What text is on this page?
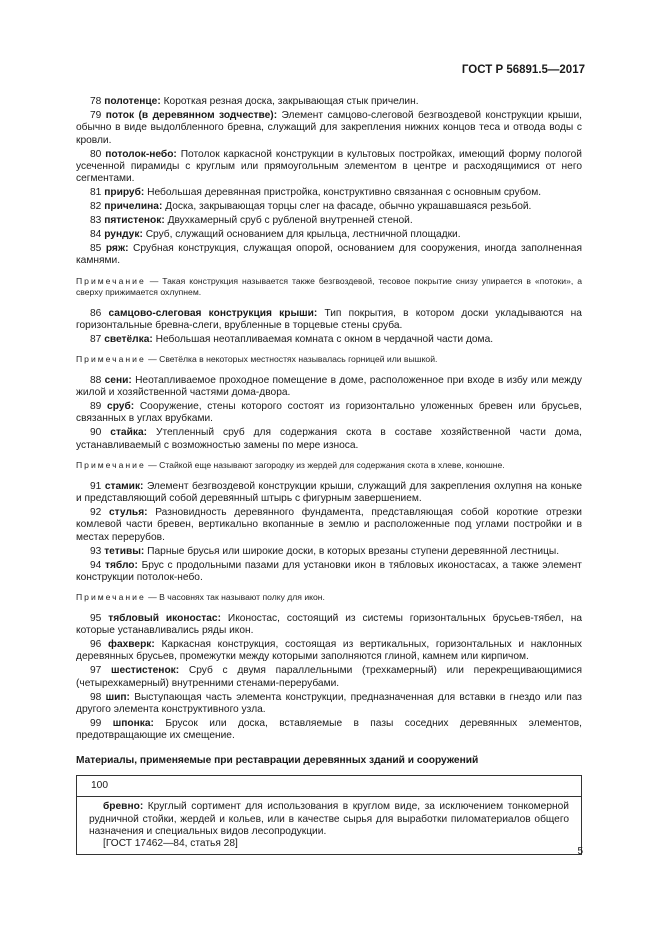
ГОСТ Р 56891.5—2017
78 полотенце: Короткая резная доска, закрывающая стык причелин.
79 поток (в деревянном зодчестве): Элемент самцово-слеговой безгвоздевой конструкции крыши, обычно в виде выдолбленного бревна, служащий для закрепления нижних концов теса и отвода воды с кровли.
80 потолок-небо: Потолок каркасной конструкции в культовых постройках, имеющий форму пологой усеченной пирамиды с круглым или прямоугольным элементом в центре и расходящимися от него сегментами.
81 прируб: Небольшая деревянная пристройка, конструктивно связанная с основным срубом.
82 причелина: Доска, закрывающая торцы слег на фасаде, обычно украшавшаяся резьбой.
83 пятистенок: Двухкамерный сруб с рубленой внутренней стеной.
84 рундук: Сруб, служащий основанием для крыльца, лестничной площадки.
85 ряж: Срубная конструкция, служащая опорой, основанием для сооружения, иногда заполненная камнями.
Примечание — Такая конструкция называется также безгвоздевой, тесовое покрытие снизу упирается в «потоки», а сверху прижимается охлупнем.
86 самцово-слеговая конструкция крыши: Тип покрытия, в котором доски укладываются на горизонтальные бревна-слеги, врубленные в торцевые стены сруба.
87 светёлка: Небольшая неотапливаемая комната с окном в чердачной части дома.
Примечание — Светёлка в некоторых местностях называлась горницей или вышкой.
88 сени: Неотапливаемое проходное помещение в доме, расположенное при входе в избу или между жилой и хозяйственной частями дома-двора.
89 сруб: Сооружение, стены которого состоят из горизонтально уложенных бревен или брусьев, связанных в углах врубками.
90 стайка: Утепленный сруб для содержания скота в составе хозяйственной части дома, устанавливаемый с возможностью замены по мере износа.
Примечание — Стайкой еще называют загородку из жердей для содержания скота в хлеве, конюшне.
91 стамик: Элемент безгвоздевой конструкции крыши, служащий для закрепления охлупня на коньке и представляющий собой деревянный штырь с фигурным завершением.
92 стулья: Разновидность деревянного фундамента, представляющая собой короткие отрезки комлевой части бревен, вертикально вкопанные в землю и расположенные под углами постройки и в местах перерубов.
93 тетивы: Парные брусья или широкие доски, в которых врезаны ступени деревянной лестницы.
94 тябло: Брус с продольными пазами для установки икон в тябловых иконостасах, а также элемент конструкции потолок-небо.
Примечание — В часовнях так называют полку для икон.
95 тябловый иконостас: Иконостас, состоящий из системы горизонтальных брусьев-тябел, на которые устанавливались ряды икон.
96 фахверк: Каркасная конструкция, состоящая из вертикальных, горизонтальных и наклонных деревянных брусьев, промежутки между которыми заполняются глиной, камнем или кирпичом.
97 шестистенок: Сруб с двумя параллельными (трехкамерный) или перекрещивающимися (четырехкамерный) внутренними стенами-перерубами.
98 шип: Выступающая часть элемента конструкции, предназначенная для вставки в гнездо или паз другого элемента конструктивного узла.
99 шпонка: Брусок или доска, вставляемые в пазы соседних деревянных элементов, предотвращающие их смещение.
Материалы, применяемые при реставрации деревянных зданий и сооружений
100
бревно: Круглый сортимент для использования в круглом виде, за исключением тонкомерной рудничной стойки, жердей и кольев, или в качестве сырья для выработки пиломатериалов общего назначения и специальных видов лесопродукции.
[ГОСТ 17462—84, статья 28]
5
